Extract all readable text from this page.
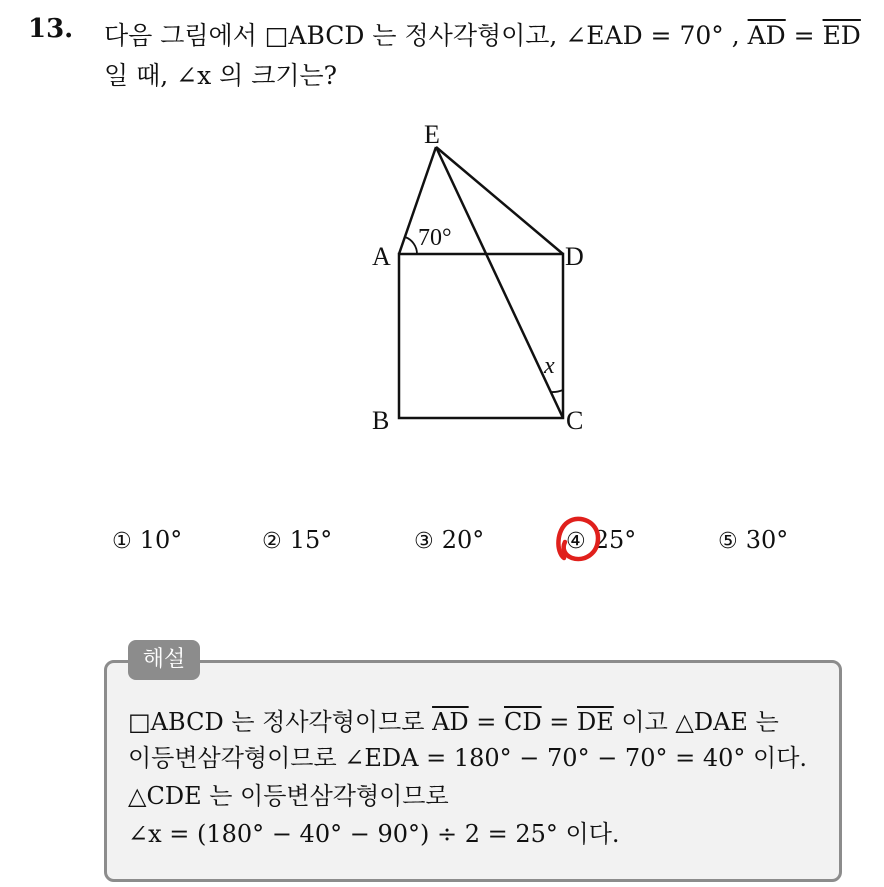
13. 다음 그림에서 □ABCD 는 정사각형이고, ∠EAD = 70° , $\overline{AD} = \overline{ED}$
일 때, ∠x 의 크기는?
E
A	D
B	C
70°
x
① 10°	② 15°	③ 20°	④ 25°	⑤ 30°
해설
□ABCD 는 정사각형이므로 $\overline{AD} = \overline{CD} = \overline{DE}$ 이고 △DAE 는
이등변삼각형이므로 ∠EDA = 180° − 70° − 70° = 40° 이다.
△CDE 는 이등변삼각형이므로
∠x = (180° − 40° − 90°) ÷ 2 = 25° 이다.
